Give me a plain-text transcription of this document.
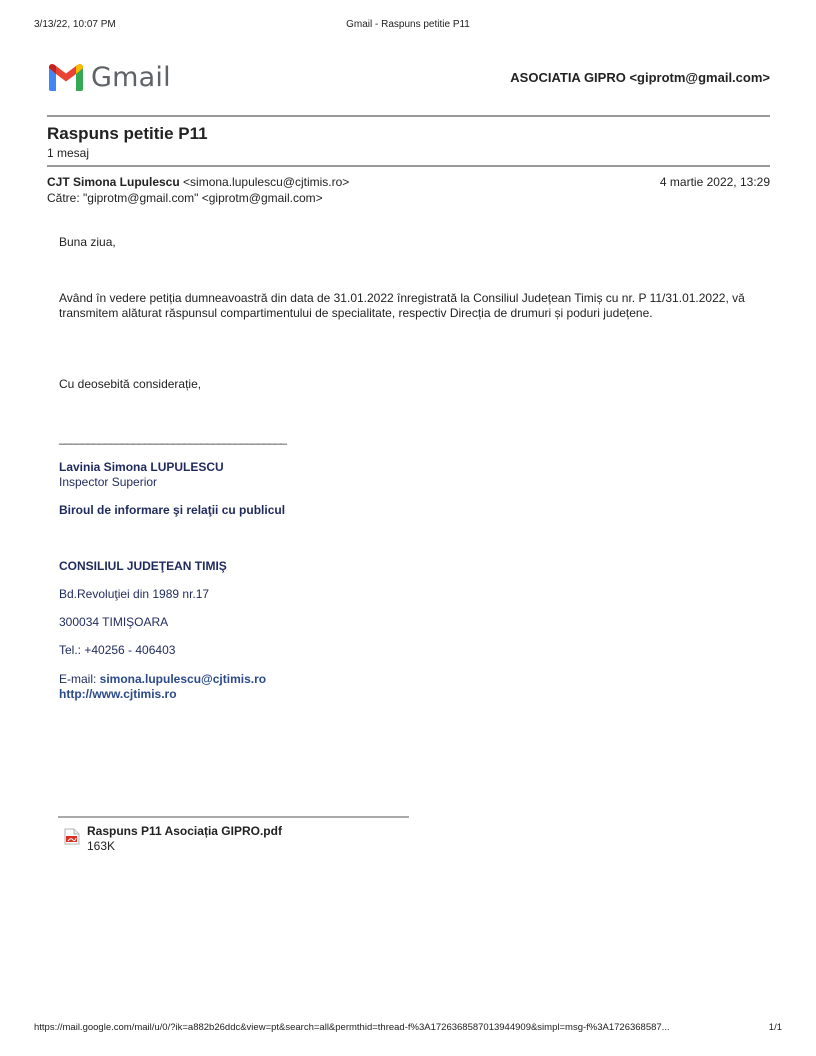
3/13/22, 10:07 PM	Gmail - Raspuns petitie P11
Gmail	ASOCIATIA GIPRO <giprotm@gmail.com>
Raspuns petitie P11
1 mesaj
CJT Simona Lupulescu <simona.lupulescu@cjtimis.ro>	4 martie 2022, 13:29
Către: "giprotm@gmail.com" <giprotm@gmail.com>
Buna ziua,
Având în vedere petiția dumneavoastră din data de 31.01.2022 înregistrată la Consiliul Județean Timiș cu nr. P 11/31.01.2022, vă transmitem alăturat răspunsul compartimentului de specialitate, respectiv Direcția de drumuri și poduri județene.
Cu deosebită considerație,
________________________________________
Lavinia Simona LUPULESCU
Inspector Superior
Biroul de informare şi relaţii cu publicul
CONSILIUL JUDEŢEAN TIMIŞ
Bd.Revoluţiei din 1989 nr.17
300034 TIMIŞOARA
Tel.: +40256 - 406403
E-mail: simona.lupulescu@cjtimis.ro
http://www.cjtimis.ro
Raspuns P11 Asociația GIPRO.pdf
163K
https://mail.google.com/mail/u/0/?ik=a882b26ddc&view=pt&search=all&permthid=thread-f%3A1726368587013944909&simpl=msg-f%3A1726368587...	1/1
